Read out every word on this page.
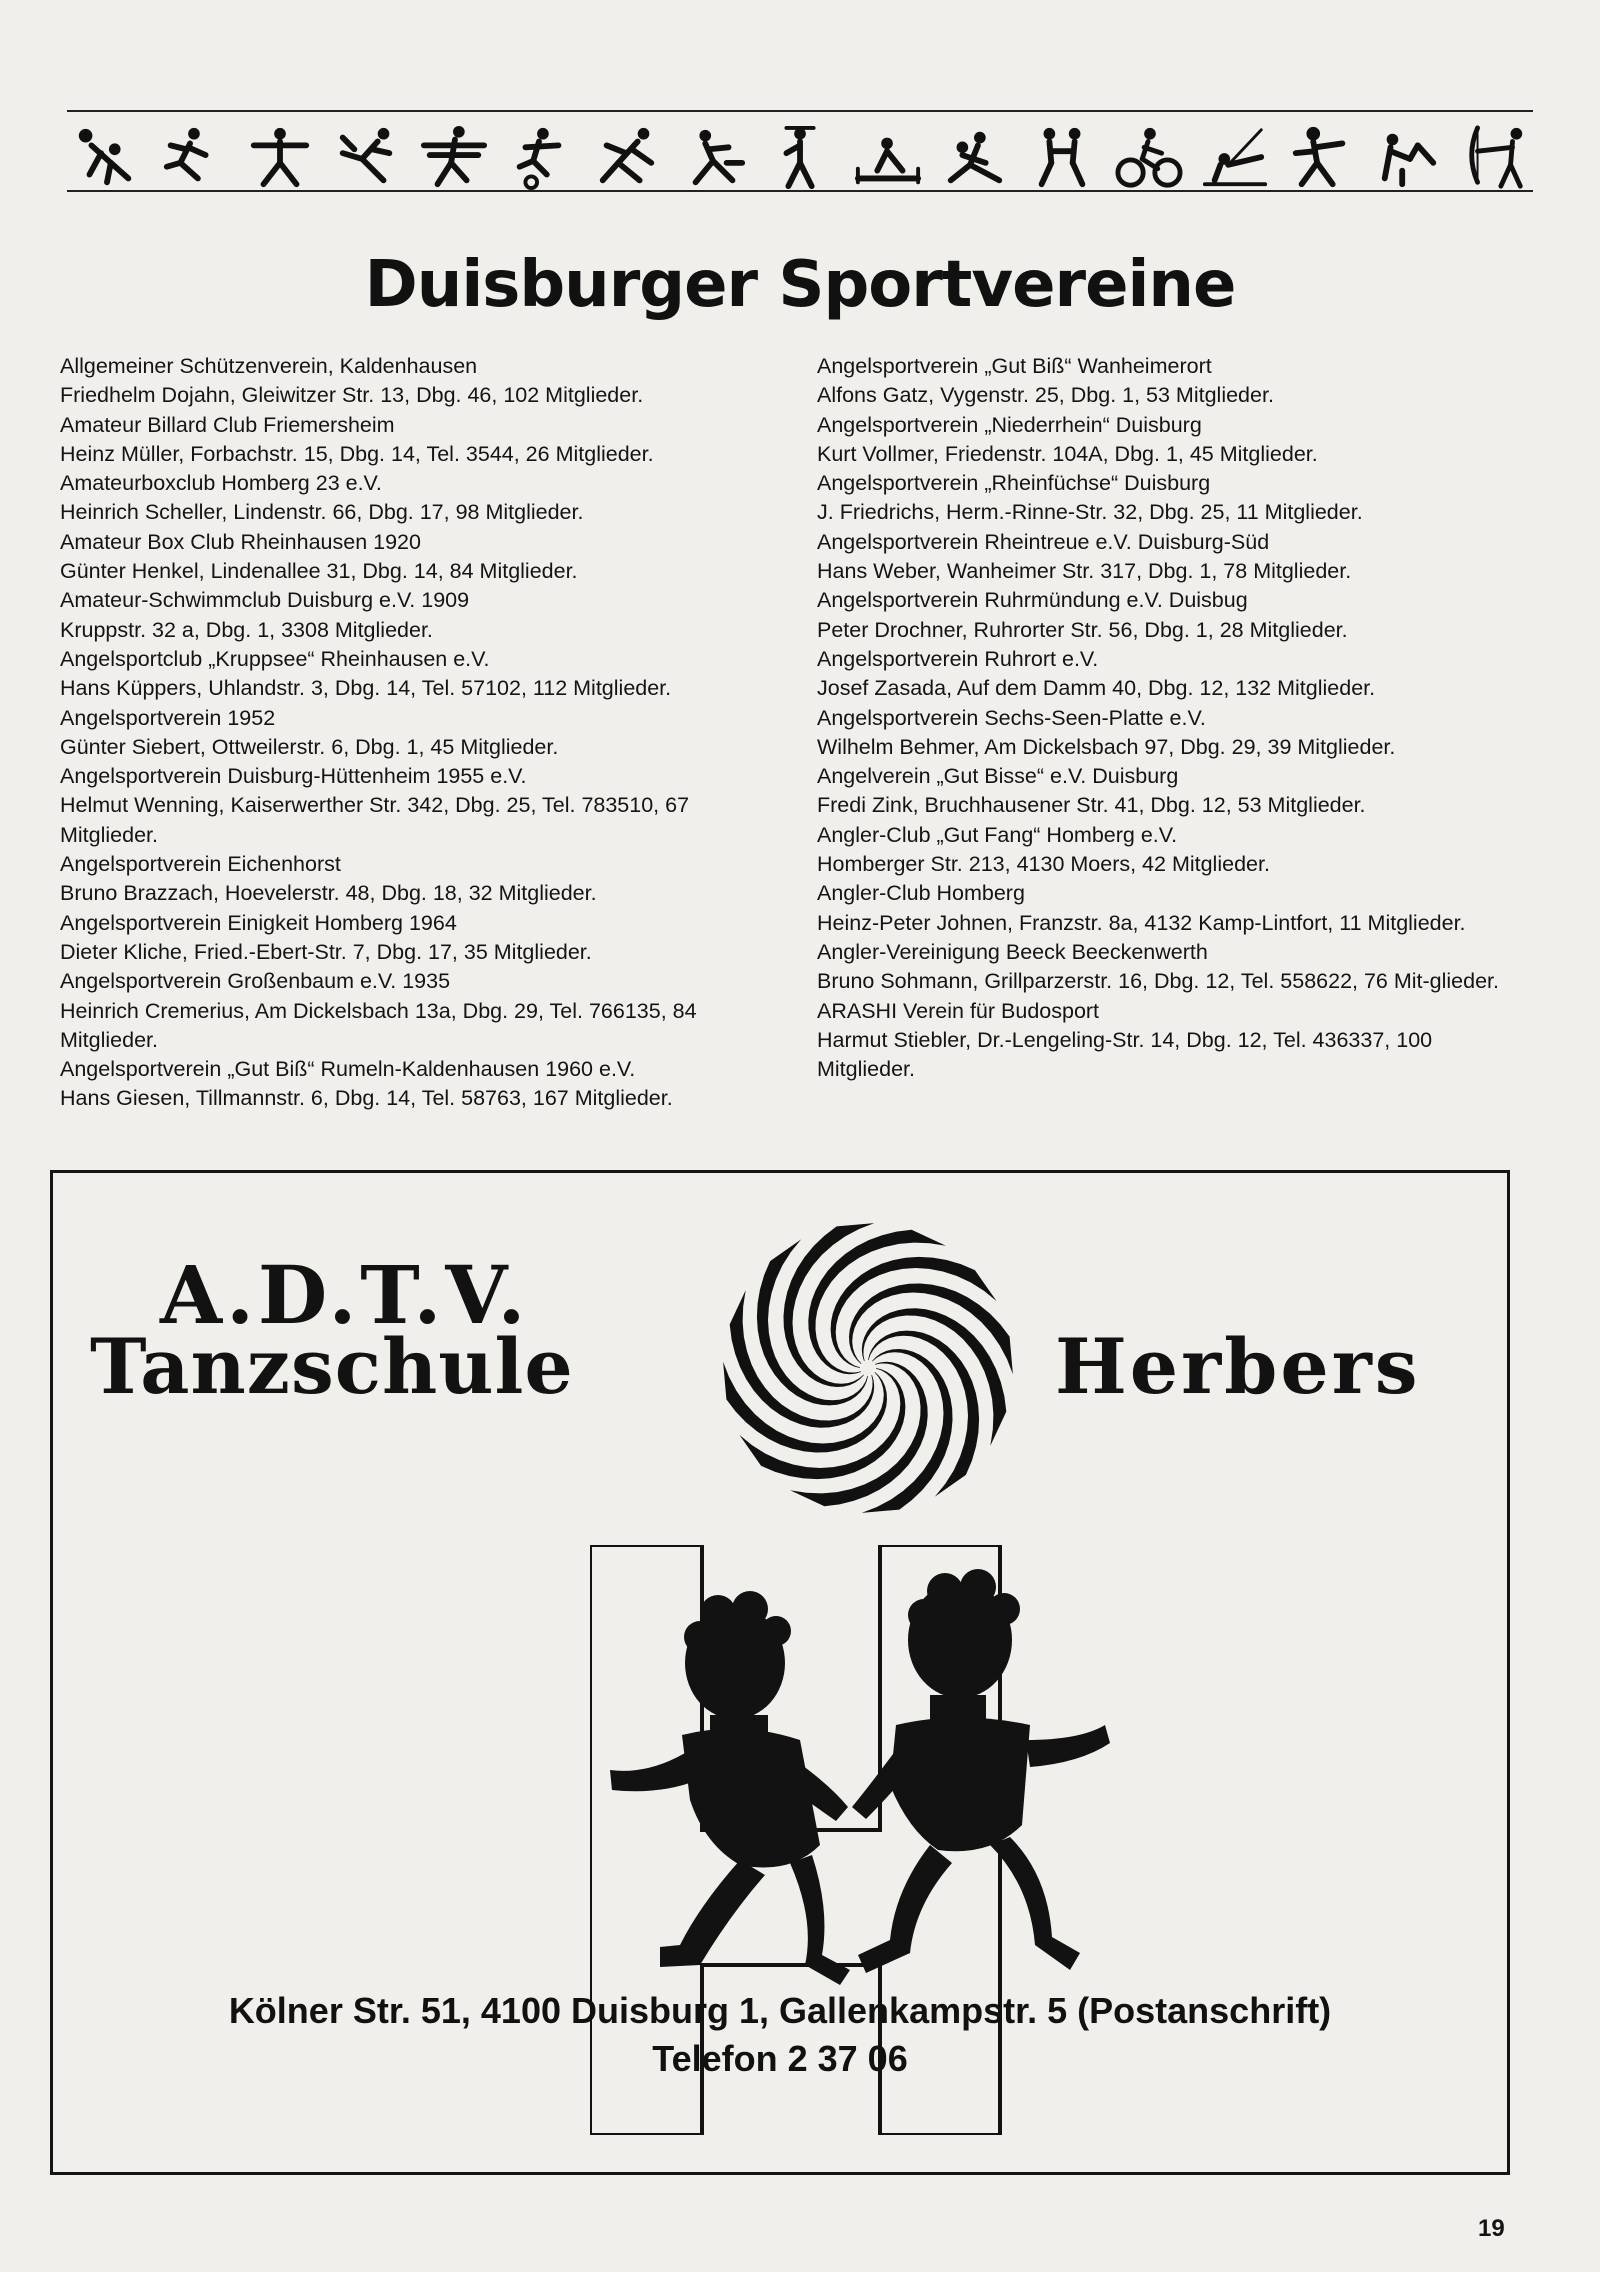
Duisburger Sportvereine
Allgemeiner Schützenverein, Kaldenhausen
Friedhelm Dojahn, Gleiwitzer Str. 13, Dbg. 46, 102 Mitglieder.
Amateur Billard Club Friemersheim
Heinz Müller, Forbachstr. 15, Dbg. 14, Tel. 3544, 26 Mitglieder.
Amateurboxclub Homberg 23 e.V.
Heinrich Scheller, Lindenstr. 66, Dbg. 17, 98 Mitglieder.
Amateur Box Club Rheinhausen 1920
Günter Henkel, Lindenallee 31, Dbg. 14, 84 Mitglieder.
Amateur-Schwimmclub Duisburg e.V. 1909
Kruppstr. 32 a, Dbg. 1, 3308 Mitglieder.
Angelsportclub „Kruppsee“ Rheinhausen e.V.
Hans Küppers, Uhlandstr. 3, Dbg. 14, Tel. 57102, 112 Mitglieder.
Angelsportverein 1952
Günter Siebert, Ottweilerstr. 6, Dbg. 1, 45 Mitglieder.
Angelsportverein Duisburg-Hüttenheim 1955 e.V.
Helmut Wenning, Kaiserwerther Str. 342, Dbg. 25, Tel. 783510, 67 Mitglieder.
Angelsportverein Eichenhorst
Bruno Brazzach, Hoevelerstr. 48, Dbg. 18, 32 Mitglieder.
Angelsportverein Einigkeit Homberg 1964
Dieter Kliche, Fried.-Ebert-Str. 7, Dbg. 17, 35 Mitglieder.
Angelsportverein Großenbaum e.V. 1935
Heinrich Cremerius, Am Dickelsbach 13a, Dbg. 29, Tel. 766135, 84 Mitglieder.
Angelsportverein „Gut Biß“ Rumeln-Kaldenhausen 1960 e.V.
Hans Giesen, Tillmannstr. 6, Dbg. 14, Tel. 58763, 167 Mitglieder.
Angelsportverein „Gut Biß“ Wanheimerort
Alfons Gatz, Vygenstr. 25, Dbg. 1, 53 Mitglieder.
Angelsportverein „Niederrhein“ Duisburg
Kurt Vollmer, Friedenstr. 104A, Dbg. 1, 45 Mitglieder.
Angelsportverein „Rheinfüchse“ Duisburg
J. Friedrichs, Herm.-Rinne-Str. 32, Dbg. 25, 11 Mitglieder.
Angelsportverein Rheintreue e.V. Duisburg-Süd
Hans Weber, Wanheimer Str. 317, Dbg. 1, 78 Mitglieder.
Angelsportverein Ruhrmündung e.V. Duisbug
Peter Drochner, Ruhrorter Str. 56, Dbg. 1, 28 Mitglieder.
Angelsportverein Ruhrort e.V.
Josef Zasada, Auf dem Damm 40, Dbg. 12, 132 Mitglieder.
Angelsportverein Sechs-Seen-Platte e.V.
Wilhelm Behmer, Am Dickelsbach 97, Dbg. 29, 39 Mitglieder.
Angelverein „Gut Bisse“ e.V. Duisburg
Fredi Zink, Bruchhausener Str. 41, Dbg. 12, 53 Mitglieder.
Angler-Club „Gut Fang“ Homberg e.V.
Homberger Str. 213, 4130 Moers, 42 Mitglieder.
Angler-Club Homberg
Heinz-Peter Johnen, Franzstr. 8a, 4132 Kamp-Lintfort, 11 Mitglieder.
Angler-Vereinigung Beeck Beeckenwerth
Bruno Sohmann, Grillparzerstr. 16, Dbg. 12, Tel. 558622, 76 Mit-glieder.
ARASHI Verein für Budosport
Harmut Stiebler, Dr.-Lengeling-Str. 14, Dbg. 12, Tel. 436337, 100 Mitglieder.
A.D.T.V.
Tanzschule	Herbers
Kölner Str. 51, 4100 Duisburg 1, Gallenkampstr. 5 (Postanschrift)
Telefon 2 37 06
19
